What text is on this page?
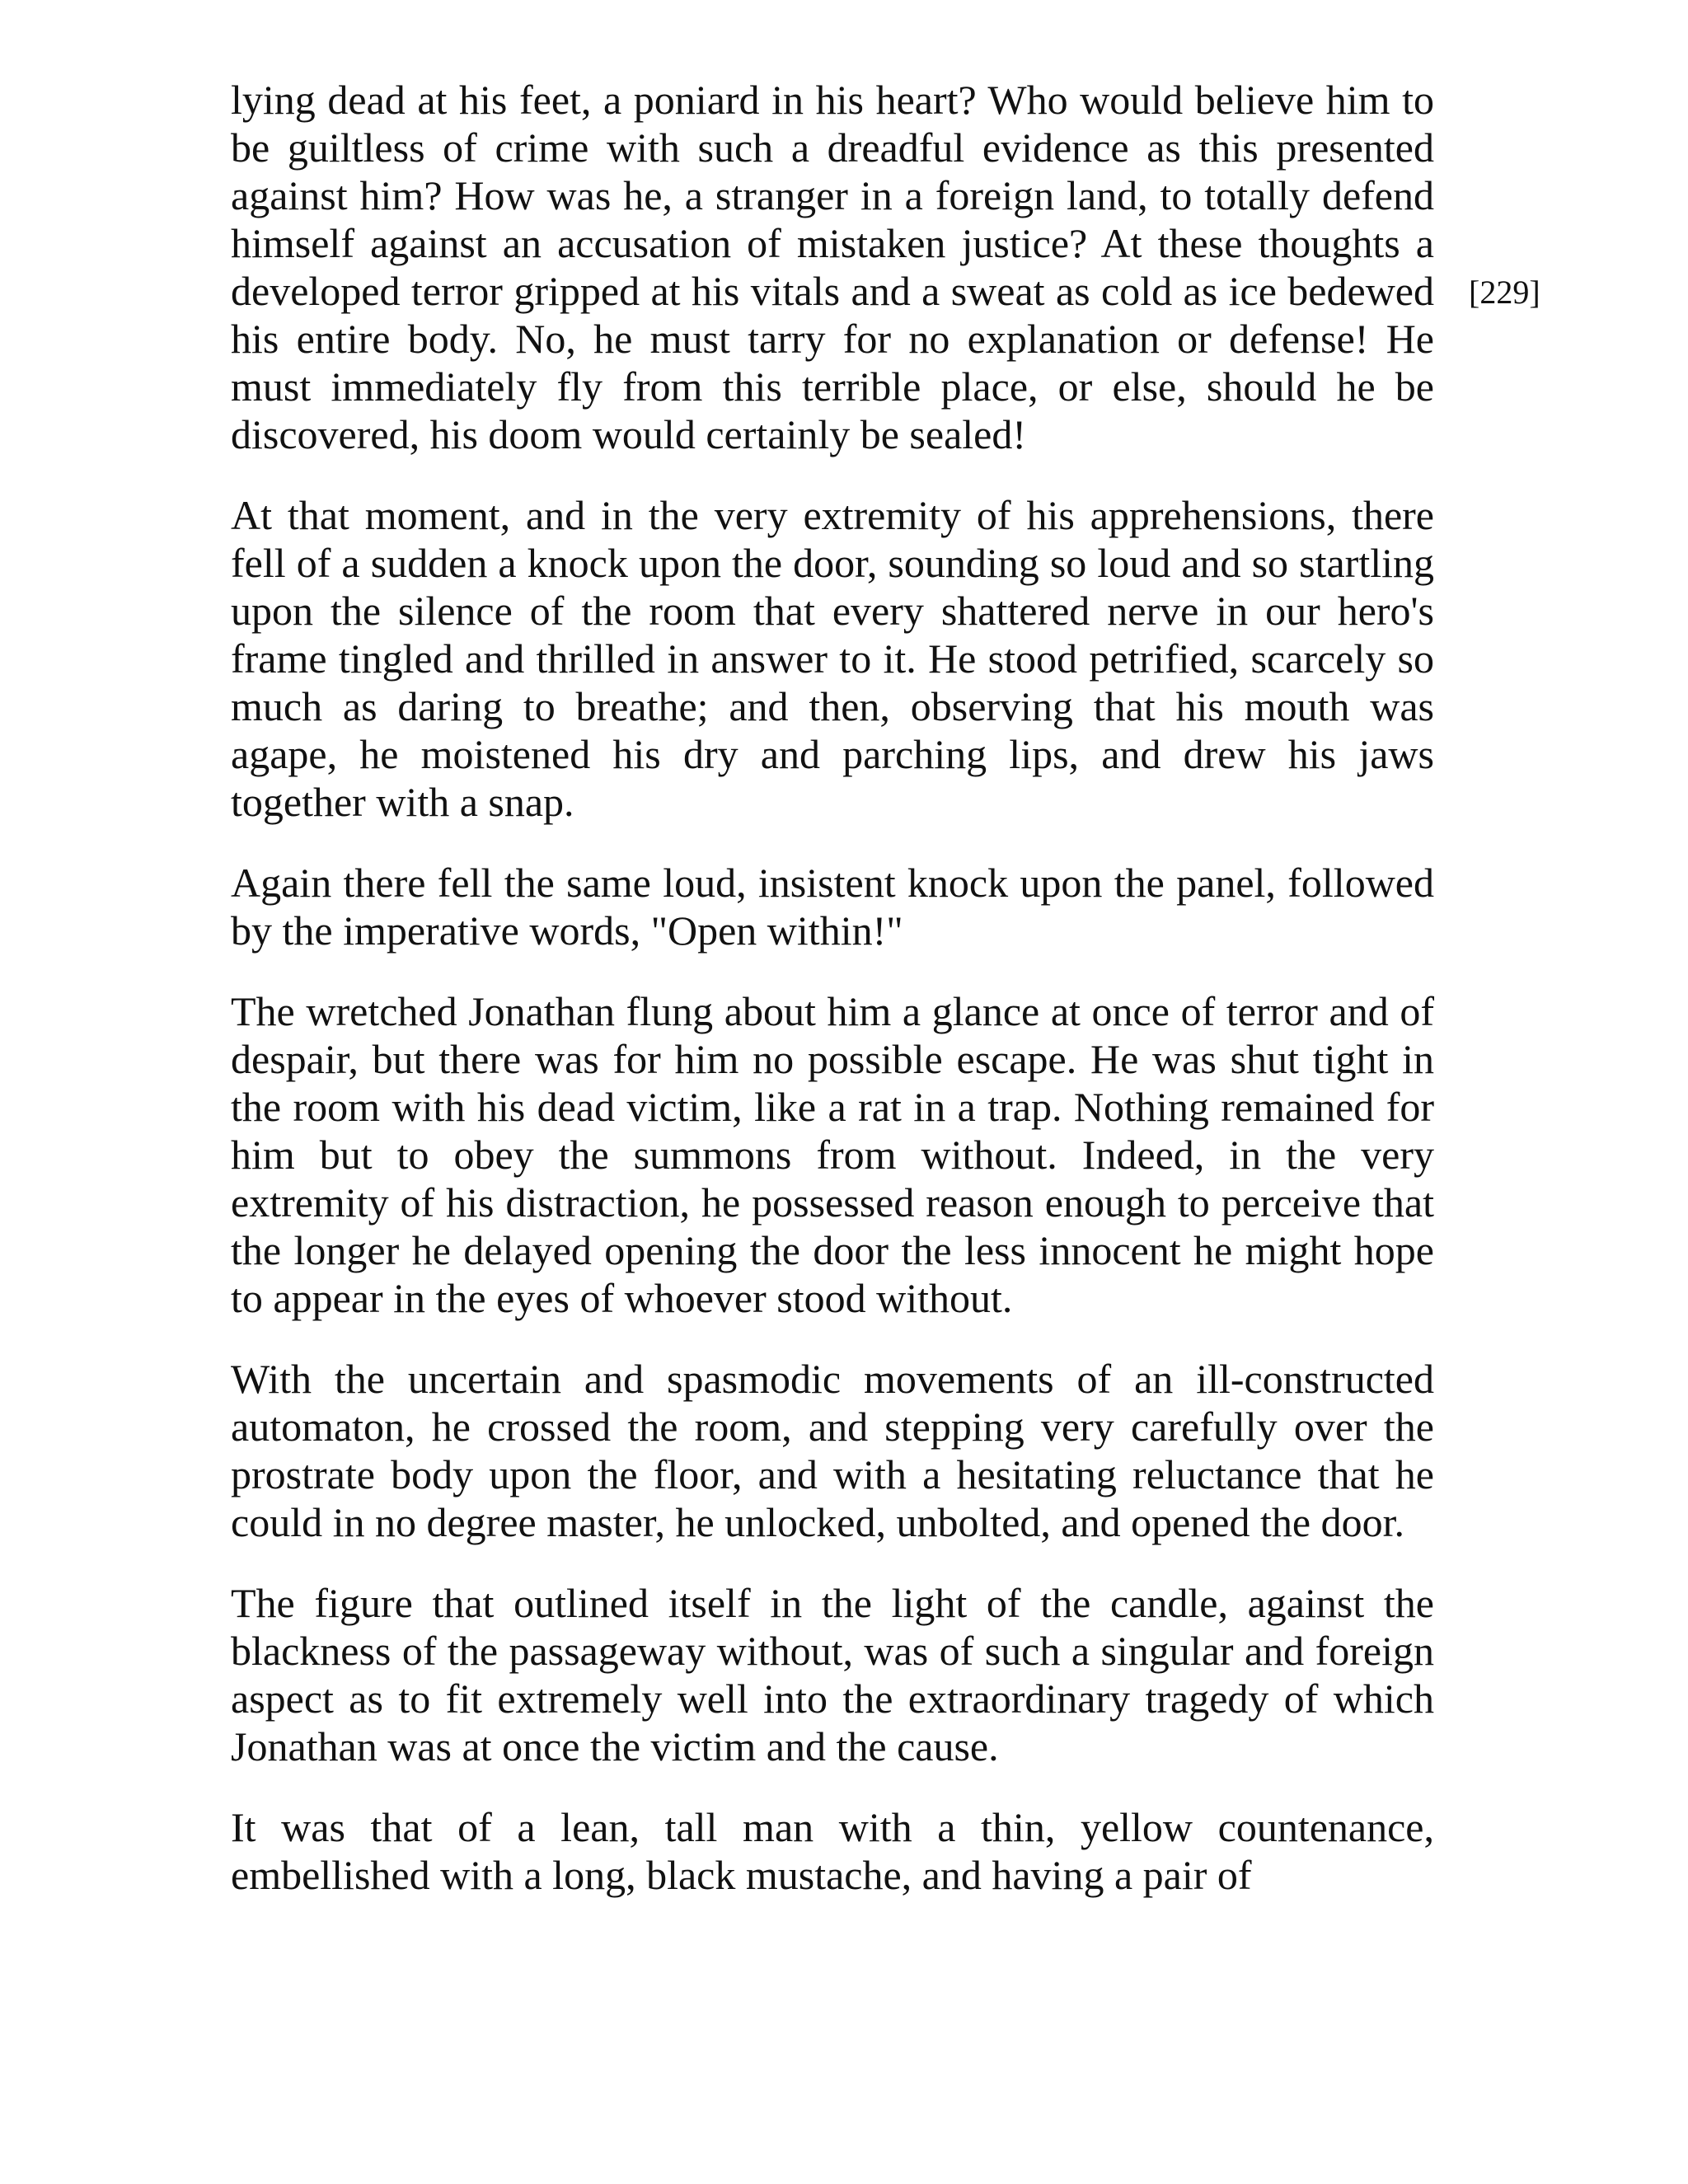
lying dead at his feet, a poniard in his heart? Who would believe him to be guiltless of crime with such a dreadful evidence as this presented against him? How was he, a stranger in a foreign land, to totally defend himself against an accusation of mistaken justice? At these thoughts a developed terror gripped at his vitals and a sweat as cold as ice bedewed his entire body. No, he must tarry for no explanation or defense! He must immediately fly from this terrible place, or else, should he be discovered, his doom would certainly be sealed!

At that moment, and in the very extremity of his apprehensions, there fell of a sudden a knock upon the door, sounding so loud and so startling upon the silence of the room that every shattered nerve in our hero's frame tingled and thrilled in answer to it. He stood petrified, scarcely so much as daring to breathe; and then, observing that his mouth was agape, he moistened his dry and parching lips, and drew his jaws together with a snap.

Again there fell the same loud, insistent knock upon the panel, followed by the imperative words, "Open within!"

The wretched Jonathan flung about him a glance at once of terror and of despair, but there was for him no possible escape. He was shut tight in the room with his dead victim, like a rat in a trap. Nothing remained for him but to obey the summons from without. Indeed, in the very extremity of his distraction, he possessed reason enough to perceive that the longer he delayed opening the door the less innocent he might hope to appear in the eyes of whoever stood without.

With the uncertain and spasmodic movements of an ill-constructed automaton, he crossed the room, and stepping very carefully over the prostrate body upon the floor, and with a hesitating reluctance that he could in no degree master, he unlocked, unbolted, and opened the door.

The figure that outlined itself in the light of the candle, against the blackness of the passageway without, was of such a singular and foreign aspect as to fit extremely well into the extraordinary tragedy of which Jonathan was at once the victim and the cause.

It was that of a lean, tall man with a thin, yellow countenance, embellished with a long, black mustache, and having a pair of

[229]
